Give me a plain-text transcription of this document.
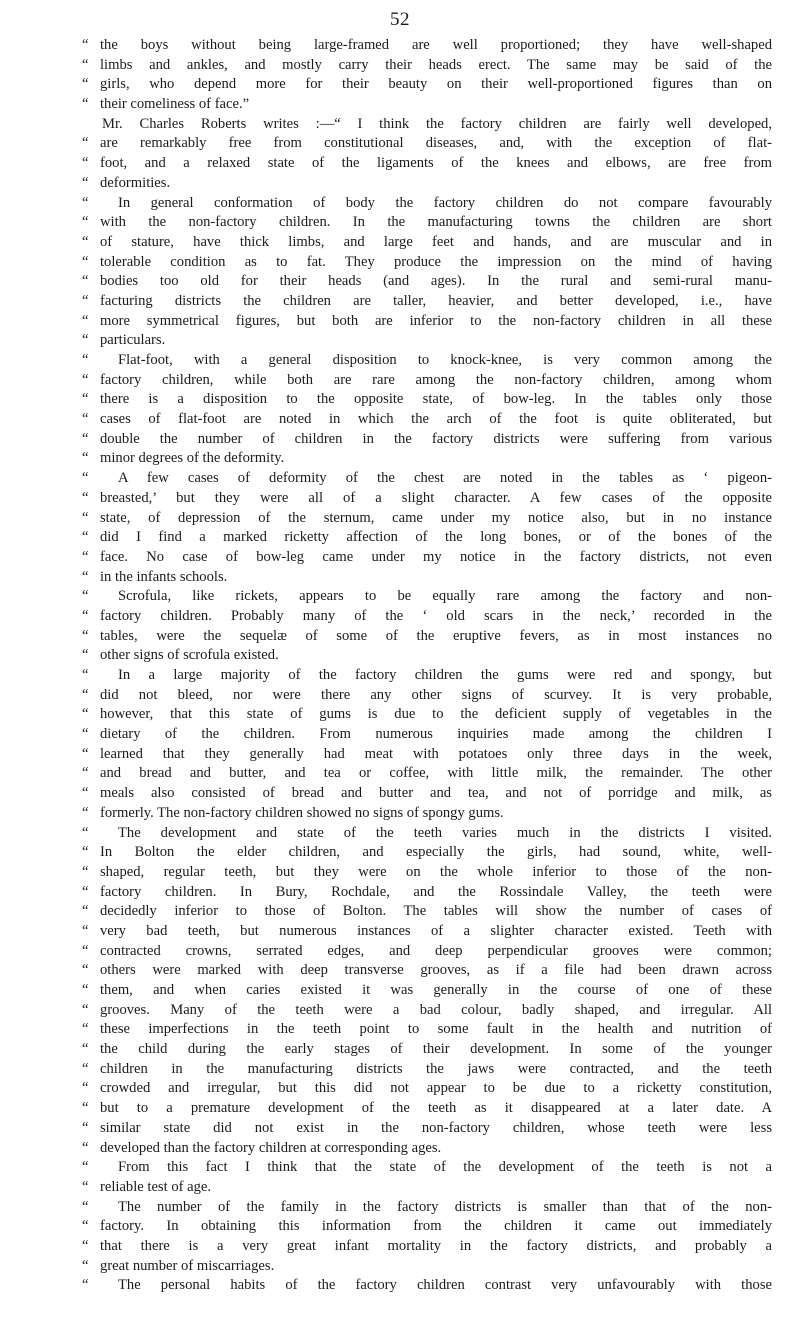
52
“ the boys without being large-framed are well proportioned; they have well-shaped
“ limbs and ankles, and mostly carry their heads erect. The same may be said of the
“ girls, who depend more for their beauty on their well-proportioned figures than on
“ their comeliness of face.”
Mr. Charles Roberts writes :—“ I think the factory children are fairly well developed,
“ are remarkably free from constitutional diseases, and, with the exception of flat-
“ foot, and a relaxed state of the ligaments of the knees and elbows, are free from
“ deformities.
“	In general conformation of body the factory children do not compare favourably
“ with the non-factory children. In the manufacturing towns the children are short
“ of stature, have thick limbs, and large feet and hands, and are muscular and in
“ tolerable condition as to fat. They produce the impression on the mind of having
“ bodies too old for their heads (and ages). In the rural and semi-rural manu-
“ facturing districts the children are taller, heavier, and better developed, i.e., have
“ more symmetrical figures, but both are inferior to the non-factory children in all these
“ particulars.
“	Flat-foot, with a general disposition to knock-knee, is very common among the
“ factory children, while both are rare among the non-factory children, among whom
“ there is a disposition to the opposite state, of bow-leg. In the tables only those
“ cases of flat-foot are noted in which the arch of the foot is quite obliterated, but
“ double the number of children in the factory districts were suffering from various
“ minor degrees of the deformity.
“	A few cases of deformity of the chest are noted in the tables as ‘ pigeon-
“ breasted,’ but they were all of a slight character. A few cases of the opposite
“ state, of depression of the sternum, came under my notice also, but in no instance
“ did I find a marked ricketty affection of the long bones, or of the bones of the
“ face. No case of bow-leg came under my notice in the factory districts, not even
“ in the infants schools.
“	Scrofula, like rickets, appears to be equally rare among the factory and non-
“ factory children. Probably many of the ‘ old scars in the neck,’ recorded in the
“ tables, were the sequelæ of some of the eruptive fevers, as in most instances no
“ other signs of scrofula existed.
“	In a large majority of the factory children the gums were red and spongy, but
“ did not bleed, nor were there any other signs of scurvey. It is very probable,
“ however, that this state of gums is due to the deficient supply of vegetables in the
“ dietary of the children. From numerous inquiries made among the children I
“ learned that they generally had meat with potatoes only three days in the week,
“ and bread and butter, and tea or coffee, with little milk, the remainder. The other
“ meals also consisted of bread and butter and tea, and not of porridge and milk, as
“ formerly. The non-factory children showed no signs of spongy gums.
“	The development and state of the teeth varies much in the districts I visited.
“ In Bolton the elder children, and especially the girls, had sound, white, well-
“ shaped, regular teeth, but they were on the whole inferior to those of the non-
“ factory children. In Bury, Rochdale, and the Rossindale Valley, the teeth were
“ decidedly inferior to those of Bolton. The tables will show the number of cases of
“ very bad teeth, but numerous instances of a slighter character existed. Teeth with
“ contracted crowns, serrated edges, and deep perpendicular grooves were common;
“ others were marked with deep transverse grooves, as if a file had been drawn across
“ them, and when caries existed it was generally in the course of one of these
“ grooves. Many of the teeth were a bad colour, badly shaped, and irregular. All
“ these imperfections in the teeth point to some fault in the health and nutrition of
“ the child during the early stages of their development. In some of the younger
“ children in the manufacturing districts the jaws were contracted, and the teeth
“ crowded and irregular, but this did not appear to be due to a ricketty constitution,
“ but to a premature development of the teeth as it disappeared at a later date. A
“ similar state did not exist in the non-factory children, whose teeth were less
“ developed than the factory children at corresponding ages.
“	From this fact I think that the state of the development of the teeth is not a
“ reliable test of age.
“	The number of the family in the factory districts is smaller than that of the non-
“ factory. In obtaining this information from the children it came out immediately
“ that there is a very great infant mortality in the factory districts, and probably a
“ great number of miscarriages.
“	The personal habits of the factory children contrast very unfavourably with those
